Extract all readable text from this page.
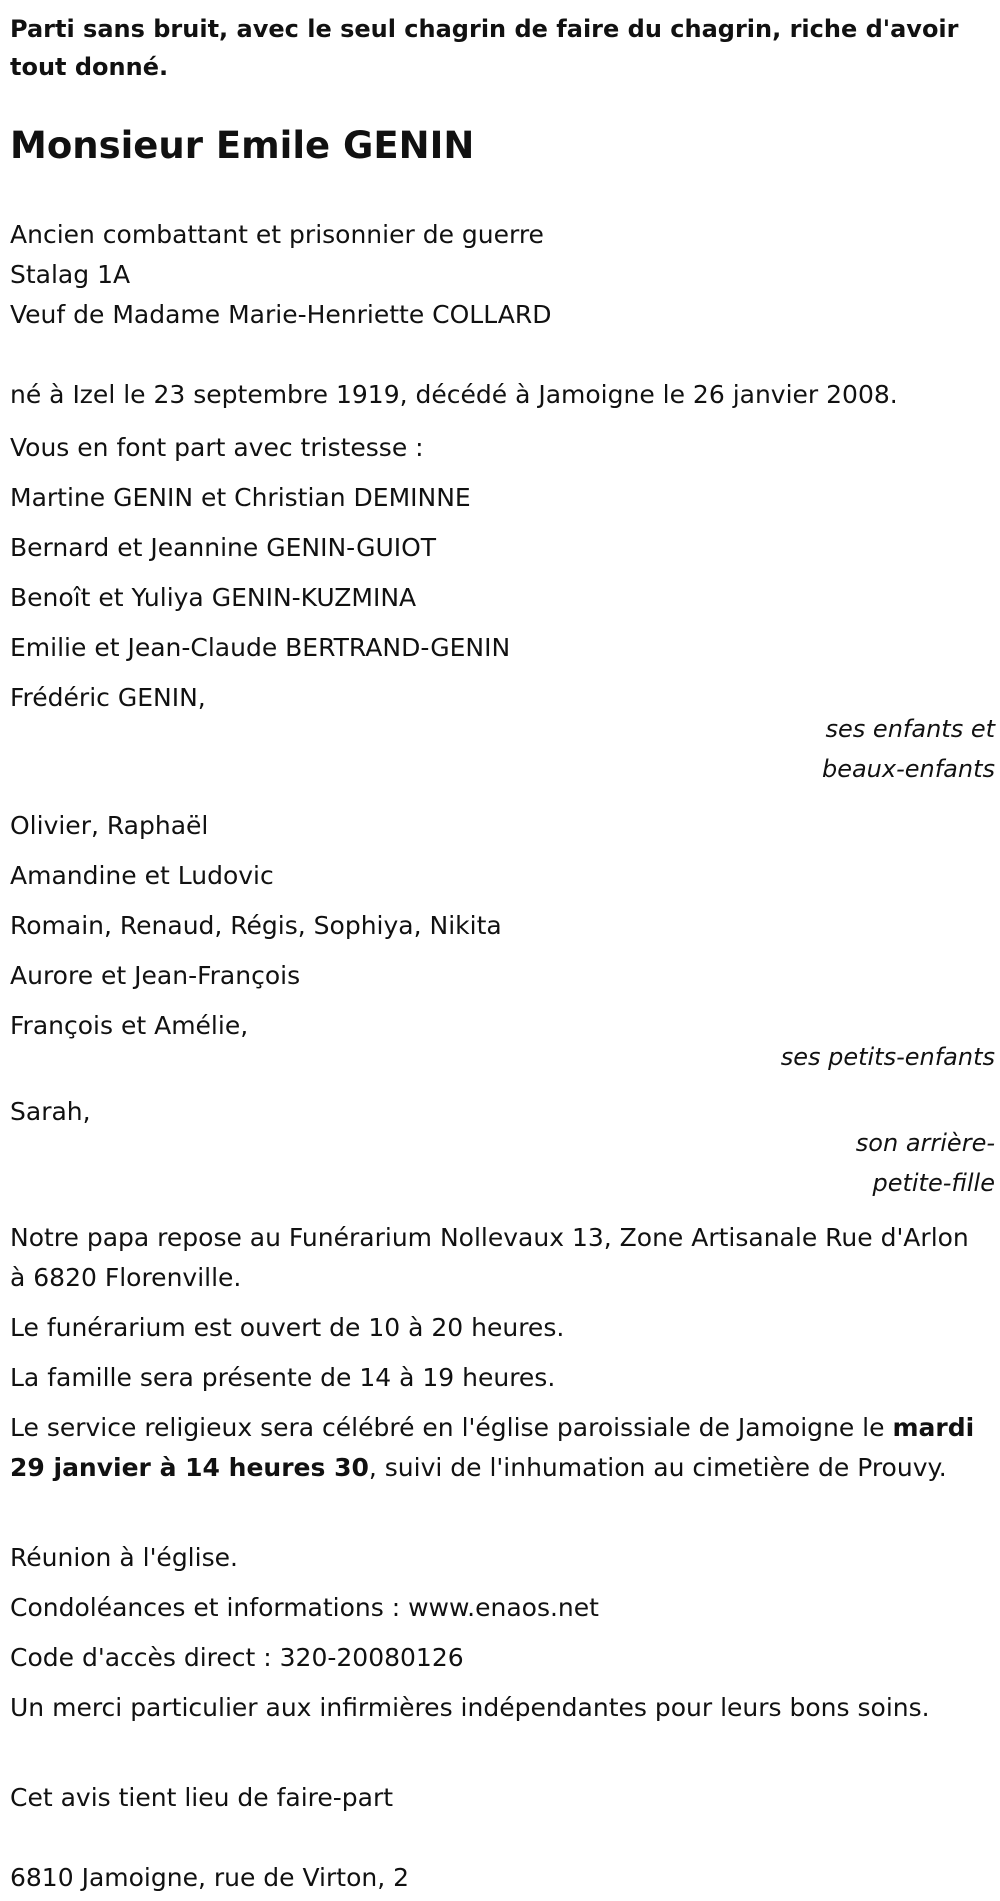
Parti sans bruit, avec le seul chagrin de faire du chagrin, riche d'avoir tout donné.

Monsieur Emile GENIN
Ancien combattant et prisonnier de guerre
Stalag 1A
Veuf de Madame Marie-Henriette COLLARD

né à Izel le 23 septembre 1919, décédé à Jamoigne le 26 janvier 2008.

Vous en font part avec tristesse :
Martine GENIN et Christian DEMINNE
Bernard et Jeannine GENIN-GUIOT
Benoît et Yuliya GENIN-KUZMINA
Emilie et Jean-Claude BERTRAND-GENIN
Frédéric GENIN,
ses enfants et
beaux-enfants
Olivier, Raphaël
Amandine et Ludovic
Romain, Renaud, Régis, Sophiya, Nikita
Aurore et Jean-François
François et Amélie,
ses petits-enfants

Sarah,

son arrière-
petite-fille

Notre papa repose au Funérarium Nollevaux 13, Zone Artisanale Rue d'Arlon à 6820 Florenville.

Le funérarium est ouvert de 10 à 20 heures.

La famille sera présente de 14 à 19 heures.

Le service religieux sera célébré en l'église paroissiale de Jamoigne le mardi 29 janvier à 14 heures 30, suivi de l'inhumation au cimetière de Prouvy.

Réunion à l'église.

Condoléances et informations : www.enaos.net

Code d'accès direct : 320-20080126

Un merci particulier aux infirmières indépendantes pour leurs bons soins.

Cet avis tient lieu de faire-part

6810 Jamoigne, rue de Virton, 2
